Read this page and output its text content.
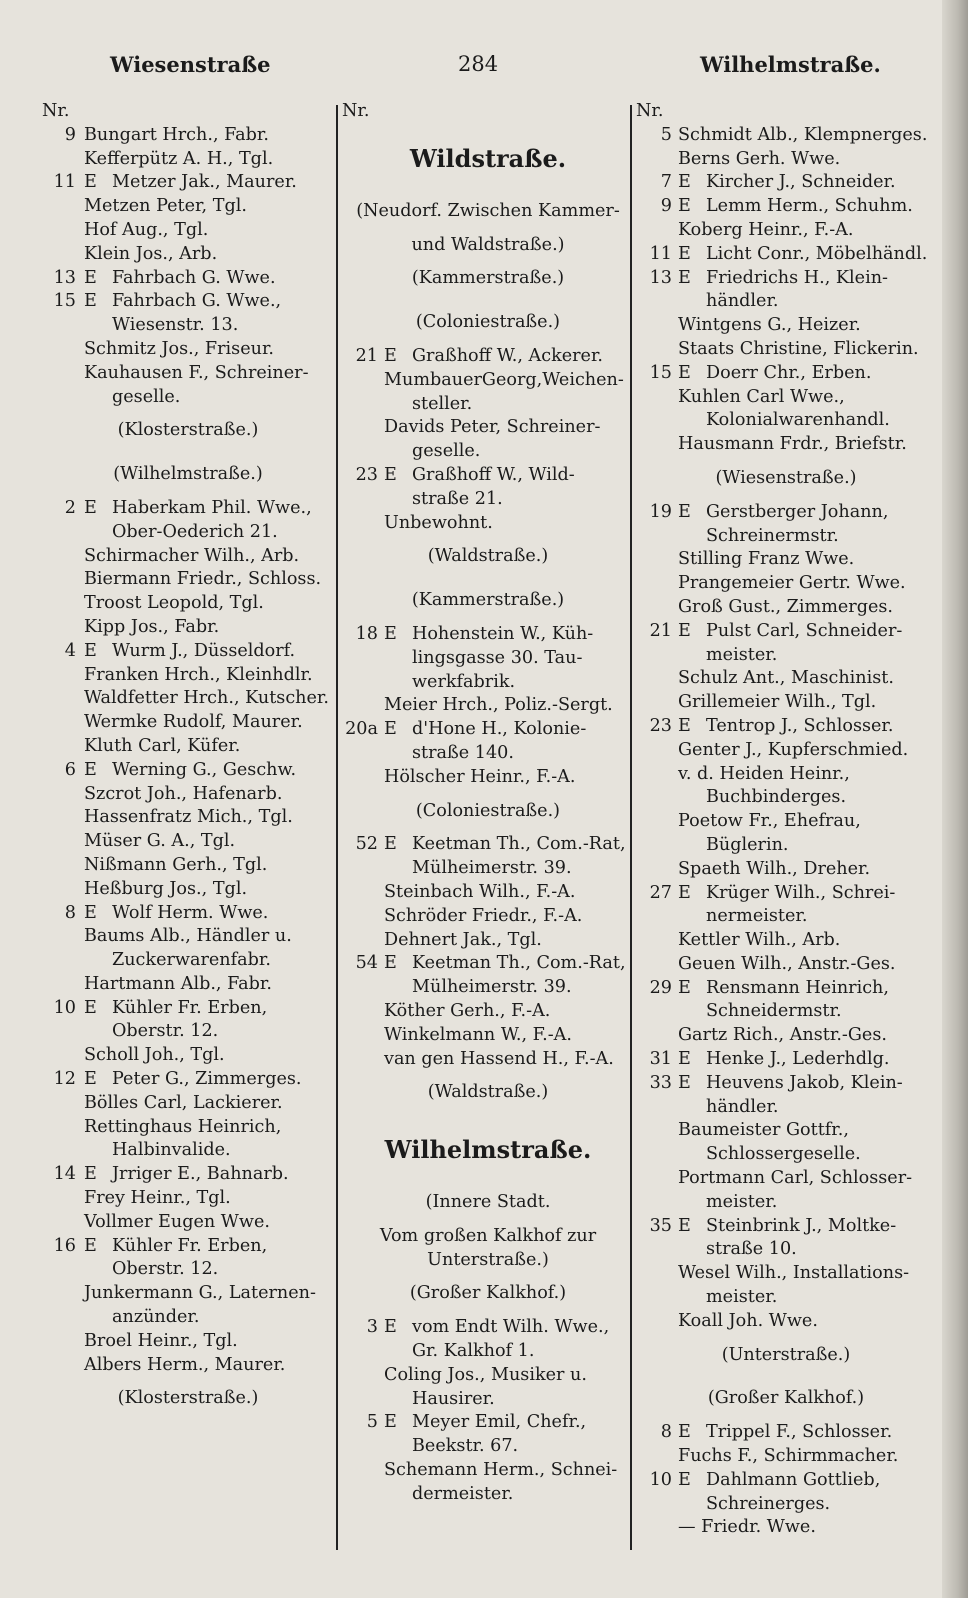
Wiesenstraße	284	Wilhelmstraße.
Nr.
9 Bungart Hrch., Fabr.
Kefferpütz A. H., Tgl.
11 E Metzer Jak., Maurer.
Metzen Peter, Tgl.
Hof Aug., Tgl.
Klein Jos., Arb.
13 E Fahrbach G. Wwe.
15 E Fahrbach G. Wwe.,
Wiesenstr. 13.
Schmitz Jos., Friseur.
Kauhausen F., Schreiner-
geselle.
(Klosterstraße.)
(Wilhelmstraße.)
2 E Haberkam Phil. Wwe.,
Ober-Oederich 21.
Schirmacher Wilh., Arb.
Biermann Friedr., Schloss.
Troost Leopold, Tgl.
Kipp Jos., Fabr.
4 E Wurm J., Düsseldorf.
Franken Hrch., Kleinhdlr.
Waldfetter Hrch., Kutscher.
Wermke Rudolf, Maurer.
Kluth Carl, Küfer.
6 E Werning G., Geschw.
Szcrot Joh., Hafenarb.
Hassenfratz Mich., Tgl.
Müser G. A., Tgl.
Nißmann Gerh., Tgl.
Heßburg Jos., Tgl.
8 E Wolf Herm. Wwe.
Baums Alb., Händler u.
Zuckerwarenfabr.
Hartmann Alb., Fabr.
10 E Kühler Fr. Erben,
Oberstr. 12.
Scholl Joh., Tgl.
12 E Peter G., Zimmerges.
Bölles Carl, Lackierer.
Rettinghaus Heinrich,
Halbinvalide.
14 E Jrriger E., Bahnarb.
Frey Heinr., Tgl.
Vollmer Eugen Wwe.
16 E Kühler Fr. Erben,
Oberstr. 12.
Junkermann G., Laternen-
anzünder.
Broel Heinr., Tgl.
Albers Herm., Maurer.
(Klosterstraße.)
Nr.
Wildstraße.
(Neudorf. Zwischen Kammer-
und Waldstraße.)
(Kammerstraße.)
(Coloniestraße.)
21 E Graßhoff W., Ackerer.
MumbauerGeorg,Weichen-
steller.
Davids Peter, Schreiner-
geselle.
23 E Graßhoff W., Wild-
straße 21.
Unbewohnt.
(Waldstraße.)
(Kammerstraße.)
18 E Hohenstein W., Küh-
lingsgasse 30. Tau-
werkfabrik.
Meier Hrch., Poliz.-Sergt.
20a E d'Hone H., Kolonie-
straße 140.
Hölscher Heinr., F.-A.
(Coloniestraße.)
52 E Keetman Th., Com.-Rat,
Mülheimerstr. 39.
Steinbach Wilh., F.-A.
Schröder Friedr., F.-A.
Dehnert Jak., Tgl.
54 E Keetman Th., Com.-Rat,
Mülheimerstr. 39.
Köther Gerh., F.-A.
Winkelmann W., F.-A.
van gen Hassend H., F.-A.
(Waldstraße.)
Wilhelmstraße.
(Innere Stadt.
Vom großen Kalkhof zur
Unterstraße.)
(Großer Kalkhof.)
3 E vom Endt Wilh. Wwe.,
Gr. Kalkhof 1.
Coling Jos., Musiker u.
Hausirer.
5 E Meyer Emil, Chefr.,
Beekstr. 67.
Schemann Herm., Schnei-
dermeister.
Nr.
5 Schmidt Alb., Klempnerges.
Berns Gerh. Wwe.
7 E Kircher J., Schneider.
9 E Lemm Herm., Schuhm.
Koberg Heinr., F.-A.
11 E Licht Conr., Möbelhändl.
13 E Friedrichs H., Klein-
händler.
Wintgens G., Heizer.
Staats Christine, Flickerin.
15 E Doerr Chr., Erben.
Kuhlen Carl Wwe.,
Kolonialwarenhandl.
Hausmann Frdr., Briefstr.
(Wiesenstraße.)
19 E Gerstberger Johann,
Schreinermstr.
Stilling Franz Wwe.
Prangemeier Gertr. Wwe.
Groß Gust., Zimmerges.
21 E Pulst Carl, Schneider-
meister.
Schulz Ant., Maschinist.
Grillemeier Wilh., Tgl.
23 E Tentrop J., Schlosser.
Genter J., Kupferschmied.
v. d. Heiden Heinr.,
Buchbinderges.
Poetow Fr., Ehefrau,
Büglerin.
Spaeth Wilh., Dreher.
27 E Krüger Wilh., Schrei-
nermeister.
Kettler Wilh., Arb.
Geuen Wilh., Anstr.-Ges.
29 E Rensmann Heinrich,
Schneidermstr.
Gartz Rich., Anstr.-Ges.
31 E Henke J., Lederhdlg.
33 E Heuvens Jakob, Klein-
händler.
Baumeister Gottfr.,
Schlossergeselle.
Portmann Carl, Schlosser-
meister.
35 E Steinbrink J., Moltke-
straße 10.
Wesel Wilh., Installations-
meister.
Koall Joh. Wwe.
(Unterstraße.)
(Großer Kalkhof.)
8 E Trippel F., Schlosser.
Fuchs F., Schirmmacher.
10 E Dahlmann Gottlieb,
Schreinerges.
— Friedr. Wwe.
